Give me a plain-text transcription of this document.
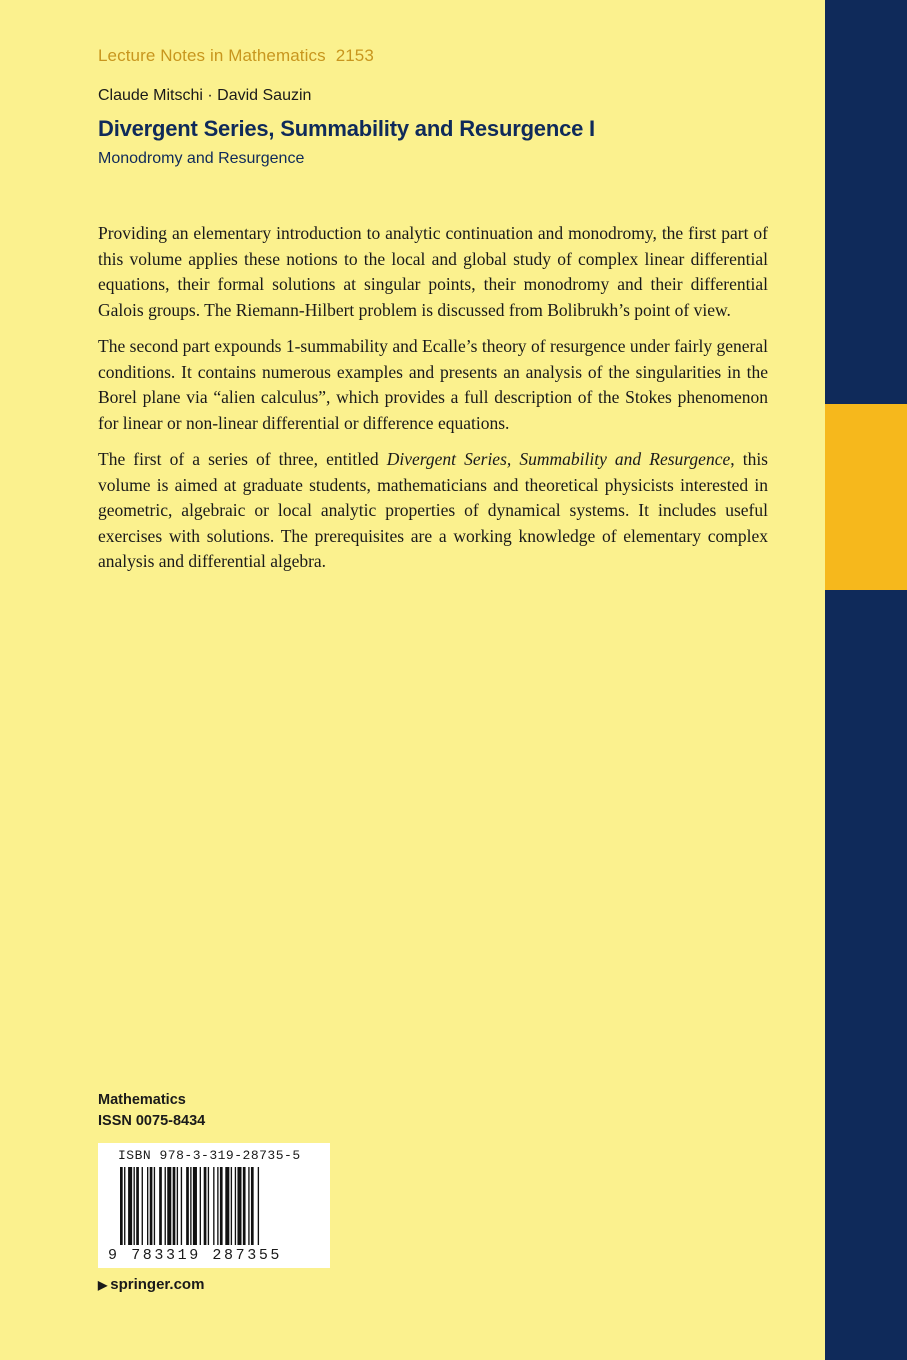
Lecture Notes in Mathematics 2153
Claude Mitschi · David Sauzin
Divergent Series, Summability and Resurgence I
Monodromy and Resurgence

Providing an elementary introduction to analytic continuation and monodromy, the first part of this volume applies these notions to the local and global study of complex linear differential equations, their formal solutions at singular points, their monodromy and their differential Galois groups. The Riemann-Hilbert problem is discussed from Bolibrukh’s point of view.

The second part expounds 1-summability and Ecalle’s theory of resurgence under fairly general conditions. It contains numerous examples and presents an analysis of the singularities in the Borel plane via “alien calculus”, which provides a full description of the Stokes phenomenon for linear or non-linear differential or difference equations.

The first of a series of three, entitled Divergent Series, Summability and Resurgence, this volume is aimed at graduate students, mathematicians and theoretical physicists interested in geometric, algebraic or local analytic properties of dynamical systems. It includes useful exercises with solutions. The prerequisites are a working knowledge of elementary complex analysis and differential algebra.

Mathematics
ISSN 0075-8434
ISBN 978-3-319-28735-5
9 783319 287355
▶ springer.com
